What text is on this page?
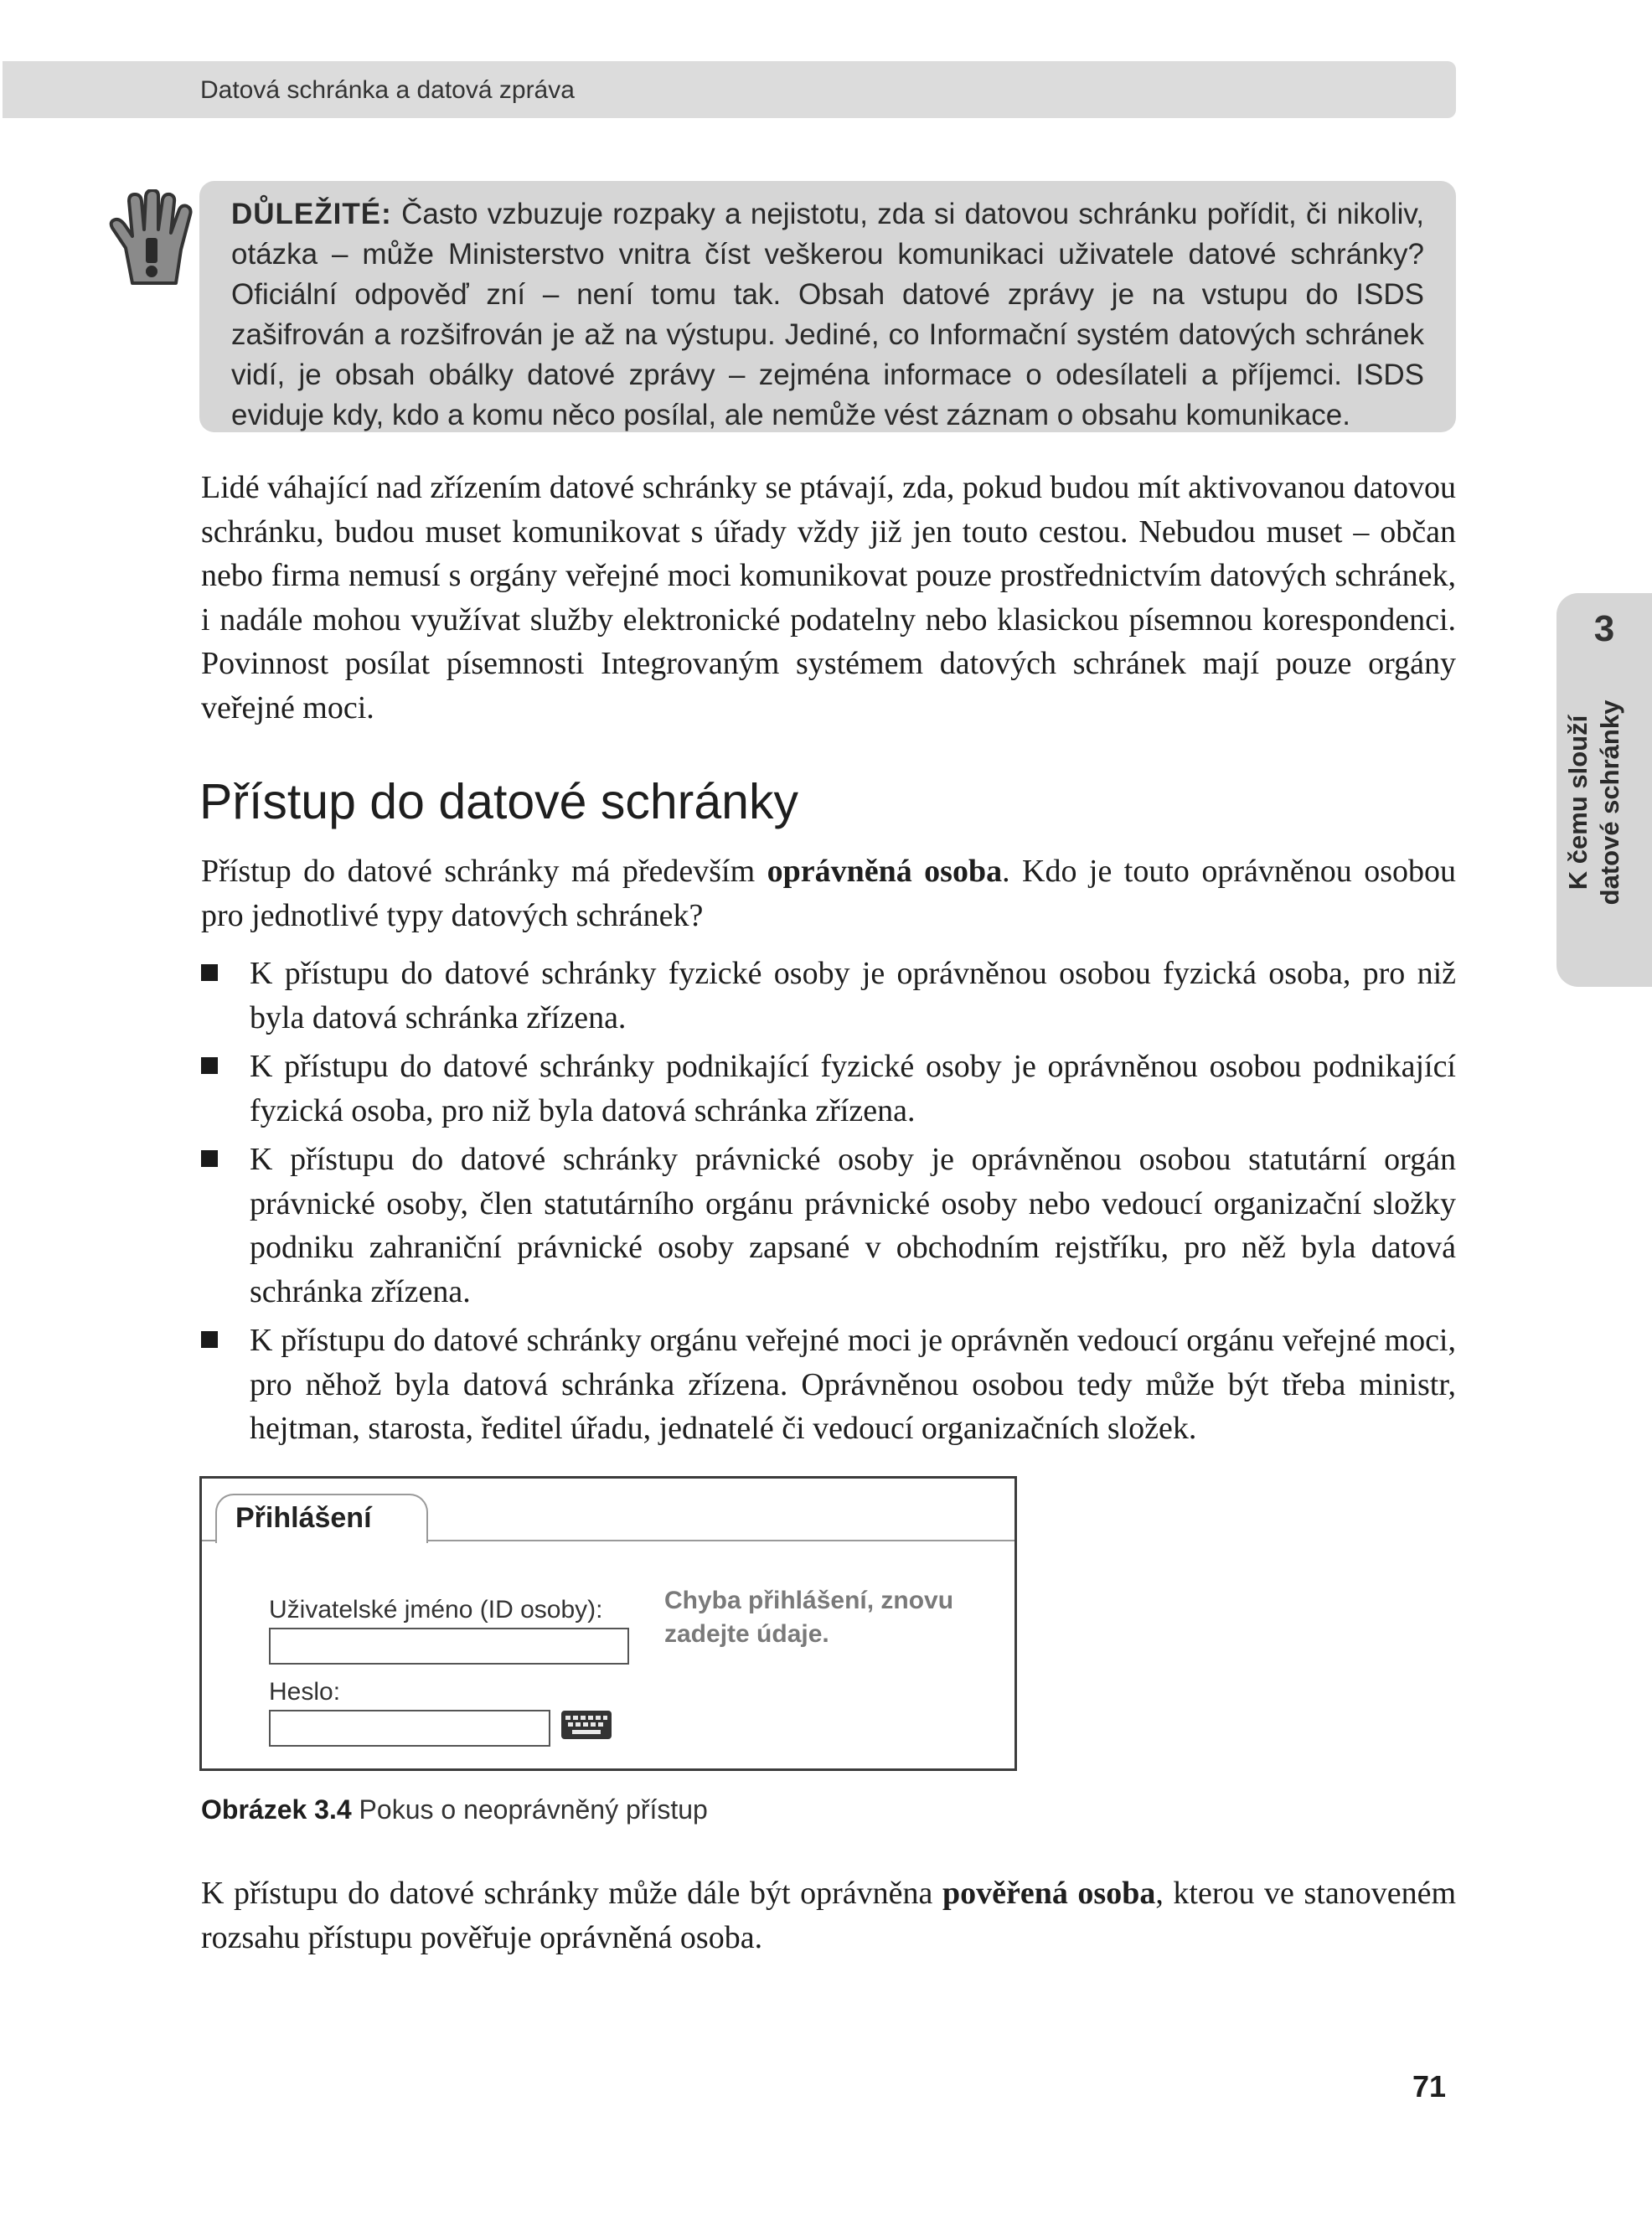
Datová schránka a datová zpráva

DŮLEŽITÉ: Často vzbuzuje rozpaky a nejistotu, zda si datovou schránku pořídit, či nikoliv, otázka – může Ministerstvo vnitra číst veškerou komunikaci uživatele datové schránky? Oficiální odpověď zní – není tomu tak. Obsah datové zprávy je na vstupu do ISDS zašifrován a rozšifrován je až na výstupu. Jediné, co Informační systém datových schránek vidí, je obsah obálky datové zprávy – zejména informace o odesílateli a příjemci. ISDS eviduje kdy, kdo a komu něco posílal, ale nemůže vést záznam o obsahu komunikace.

Lidé váhající nad zřízením datové schránky se ptávají, zda, pokud budou mít aktivovanou datovou schránku, budou muset komunikovat s úřady vždy již jen touto cestou. Nebudou muset – občan nebo firma nemusí s orgány veřejné moci komunikovat pouze prostřednictvím datových schránek, i nadále mohou využívat služby elektronické podatelny nebo klasickou písemnou korespondenci. Povinnost posílat písemnosti Integrovaným systémem datových schránek mají pouze orgány veřejné moci.

Přístup do datové schránky

Přístup do datové schránky má především oprávněná osoba. Kdo je touto oprávněnou osobou pro jednotlivé typy datových schránek?

K přístupu do datové schránky fyzické osoby je oprávněnou osobou fyzická osoba, pro niž byla datová schránka zřízena.
K přístupu do datové schránky podnikající fyzické osoby je oprávněnou osobou podnikající fyzická osoba, pro niž byla datová schránka zřízena.
K přístupu do datové schránky právnické osoby je oprávněnou osobou statutární orgán právnické osoby, člen statutárního orgánu právnické osoby nebo vedoucí organizační složky podniku zahraniční právnické osoby zapsané v obchodním rejstříku, pro něž byla datová schránka zřízena.
K přístupu do datové schránky orgánu veřejné moci je oprávněn vedoucí orgánu veřejné moci, pro něhož byla datová schránka zřízena. Oprávněnou osobou tedy může být třeba ministr, hejtman, starosta, ředitel úřadu, jednatelé či vedoucí organizačních složek.
Přihlášení
Uživatelské jméno (ID osoby):
Heslo:
Chyba přihlášení, znovu zadejte údaje.

Obrázek 3.4 Pokus o neoprávněný přístup

K přístupu do datové schránky může dále být oprávněna pověřená osoba, kterou ve stanoveném rozsahu přístupu pověřuje oprávněná osoba.

3
K čemu slouží datové schránky
71
